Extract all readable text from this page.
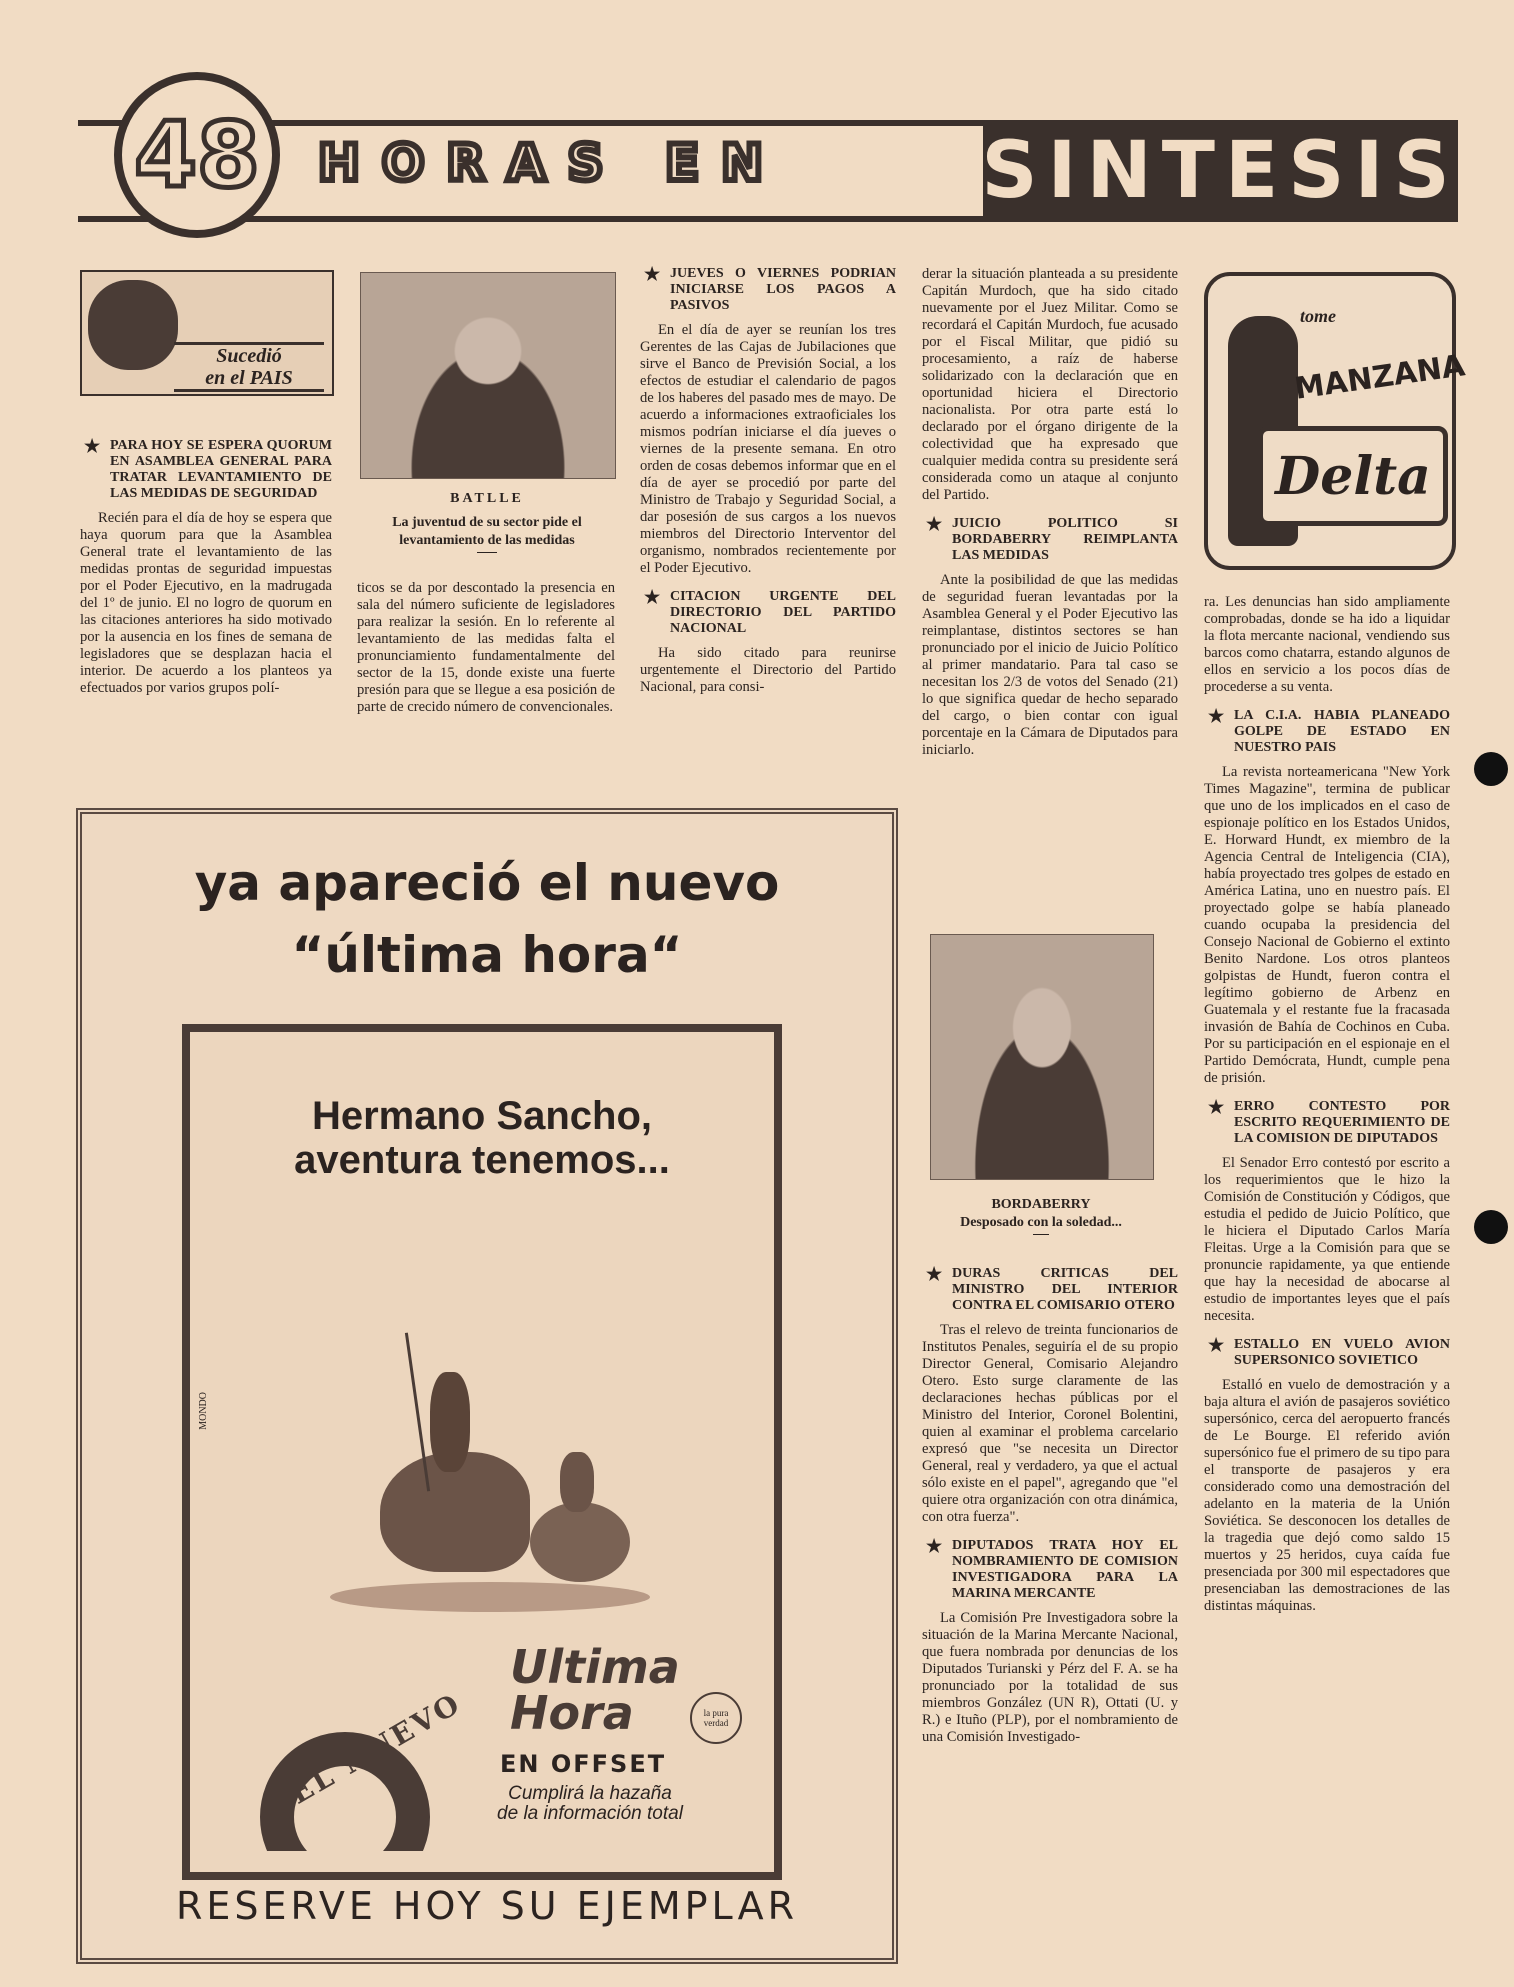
48	HORAS EN	SINTESIS
Sucedió
en el PAIS
★ PARA HOY SE ESPERA QUORUM EN ASAMBLEA GENERAL PARA TRATAR LEVANTAMIENTO DE LAS MEDIDAS DE SEGURIDAD

Recién para el día de hoy se espera que haya quorum para que la Asamblea General trate el levantamiento de las medidas prontas de seguridad impuestas por el Poder Ejecutivo, en la madrugada del 1º de junio. El no logro de quorum en las citaciones anteriores ha sido motivado por la ausencia en los fines de semana de legisladores que se desplazan hacia el interior. De acuerdo a los planteos ya efectuados por varios grupos polí-

BATLLE
La juventud de su sector pide el levantamiento de las medidas

ticos se da por descontado la presencia en sala del número suficiente de legisladores para realizar la sesión. En lo referente al levantamiento de las medidas falta el pronunciamiento fundamentalmente del sector de la 15, donde existe una fuerte presión para que se llegue a esa posición de parte de crecido número de convencionales.

★ JUEVES O VIERNES PODRIAN INICIARSE LOS PAGOS A PASIVOS

En el día de ayer se reunían los tres Gerentes de las Cajas de Jubilaciones que sirve el Banco de Previsión Social, a los efectos de estudiar el calendario de pagos de los haberes del pasado mes de mayo. De acuerdo a informaciones extraoficiales los mismos podrían iniciarse el día jueves o viernes de la presente semana. En otro orden de cosas debemos informar que en el día de ayer se procedió por parte del Ministro de Trabajo y Seguridad Social, a dar posesión de sus cargos a los nuevos miembros del Directorio Interventor del organismo, nombrados recientemente por el Poder Ejecutivo.

★ CITACION URGENTE DEL DIRECTORIO DEL PARTIDO NACIONAL

Ha sido citado para reunirse urgentemente el Directorio del Partido Nacional, para consi-

derar la situación planteada a su presidente Capitán Murdoch, que ha sido citado nuevamente por el Juez Militar. Como se recordará el Capitán Murdoch, fue acusado por el Fiscal Militar, que pidió su procesamiento, a raíz de haberse solidarizado con la declaración que en oportunidad hiciera el Directorio nacionalista. Por otra parte está lo declarado por el órgano dirigente de la colectividad que ha expresado que cualquier medida contra su presidente será considerada como un ataque al conjunto del Partido.

★ JUICIO POLITICO SI BORDABERRY REIMPLANTA LAS MEDIDAS

Ante la posibilidad de que las medidas de seguridad fueran levantadas por la Asamblea General y el Poder Ejecutivo las reimplantase, distintos sectores se han pronunciado por el inicio de Juicio Político al primer mandatario. Para tal caso se necesitan los 2/3 de votos del Senado (21) lo que significa quedar de hecho separado del cargo, o bien contar con igual porcentaje en la Cámara de Diputados para iniciarlo.

BORDABERRY
Desposado con la soledad...
★ DURAS CRITICAS DEL MINISTRO DEL INTERIOR CONTRA EL COMISARIO OTERO

Tras el relevo de treinta funcionarios de Institutos Penales, seguiría el de su propio Director General, Comisario Alejandro Otero. Esto surge claramente de las declaraciones hechas públicas por el Ministro del Interior, Coronel Bolentini, quien al examinar el problema carcelario expresó que "se necesita un Director General, real y verdadero, ya que el actual sólo existe en el papel", agregando que "el quiere otra organización con otra dinámica, con otra fuerza".

★ DIPUTADOS TRATA HOY EL NOMBRAMIENTO DE COMISION INVESTIGADORA PARA LA MARINA MERCANTE

La Comisión Pre Investigadora sobre la situación de la Marina Mercante Nacional, que fuera nombrada por denuncias de los Diputados Turianski y Pérz del F. A. se ha pronunciado por la totalidad de sus miembros González (UN R), Ottati (U. y R.) e Ituño (PLP), por el nombramiento de una Comisión Investigado-

tome
MANZANA
Delta

ra. Les denuncias han sido ampliamente comprobadas, donde se ha ido a liquidar la flota mercante nacional, vendiendo sus barcos como chatarra, estando algunos de ellos en servicio a los pocos días de procederse a su venta.

★ LA C.I.A. HABIA PLANEADO GOLPE DE ESTADO EN NUESTRO PAIS

La revista norteamericana "New York Times Magazine", termina de publicar que uno de los implicados en el caso de espionaje político en los Estados Unidos, E. Horward Hundt, ex miembro de la Agencia Central de Inteligencia (CIA), había proyectado tres golpes de estado en América Latina, uno en nuestro país. El proyectado golpe se había planeado cuando ocupaba la presidencia del Consejo Nacional de Gobierno el extinto Benito Nardone. Los otros planteos golpistas de Hundt, fueron contra el legítimo gobierno de Arbenz en Guatemala y el restante fue la fracasada invasión de Bahía de Cochinos en Cuba. Por su participación en el espionaje en el Partido Demócrata, Hundt, cumple pena de prisión.

★ ERRO CONTESTO POR ESCRITO REQUERIMIENTO DE LA COMISION DE DIPUTADOS

El Senador Erro contestó por escrito a los requerimientos que le hizo la Comisión de Constitución y Códigos, que estudia el pedido de Juicio Político, que le hiciera el Diputado Carlos María Fleitas. Urge a la Comisión para que se pronuncie rapidamente, ya que entiende que hay la necesidad de abocarse al estudio de importantes leyes que el país necesita.

★ ESTALLO EN VUELO AVION SUPERSONICO SOVIETICO

Estalló en vuelo de demostración y a baja altura el avión de pasajeros soviético supersónico, cerca del aeropuerto francés de Le Bourge. El referido avión supersónico fue el primero de su tipo para el transporte de pasajeros y era considerado como una demostración del adelanto en la materia de la Unión Soviética. Se desconocen los detalles de la tragedia que dejó como saldo 15 muertos y 25 heridos, cuya caída fue presenciada por 300 mil espectadores que presenciaban las demostraciones de las distintas máquinas.

ya apareció el nuevo
“última hora“
Hermano Sancho,
aventura tenemos...
MONDO
Ultima
Hora	la pura verdad
EL NUEVO EN OFFSET
Cumplirá la hazaña
de la información total
RESERVE HOY SU EJEMPLAR
